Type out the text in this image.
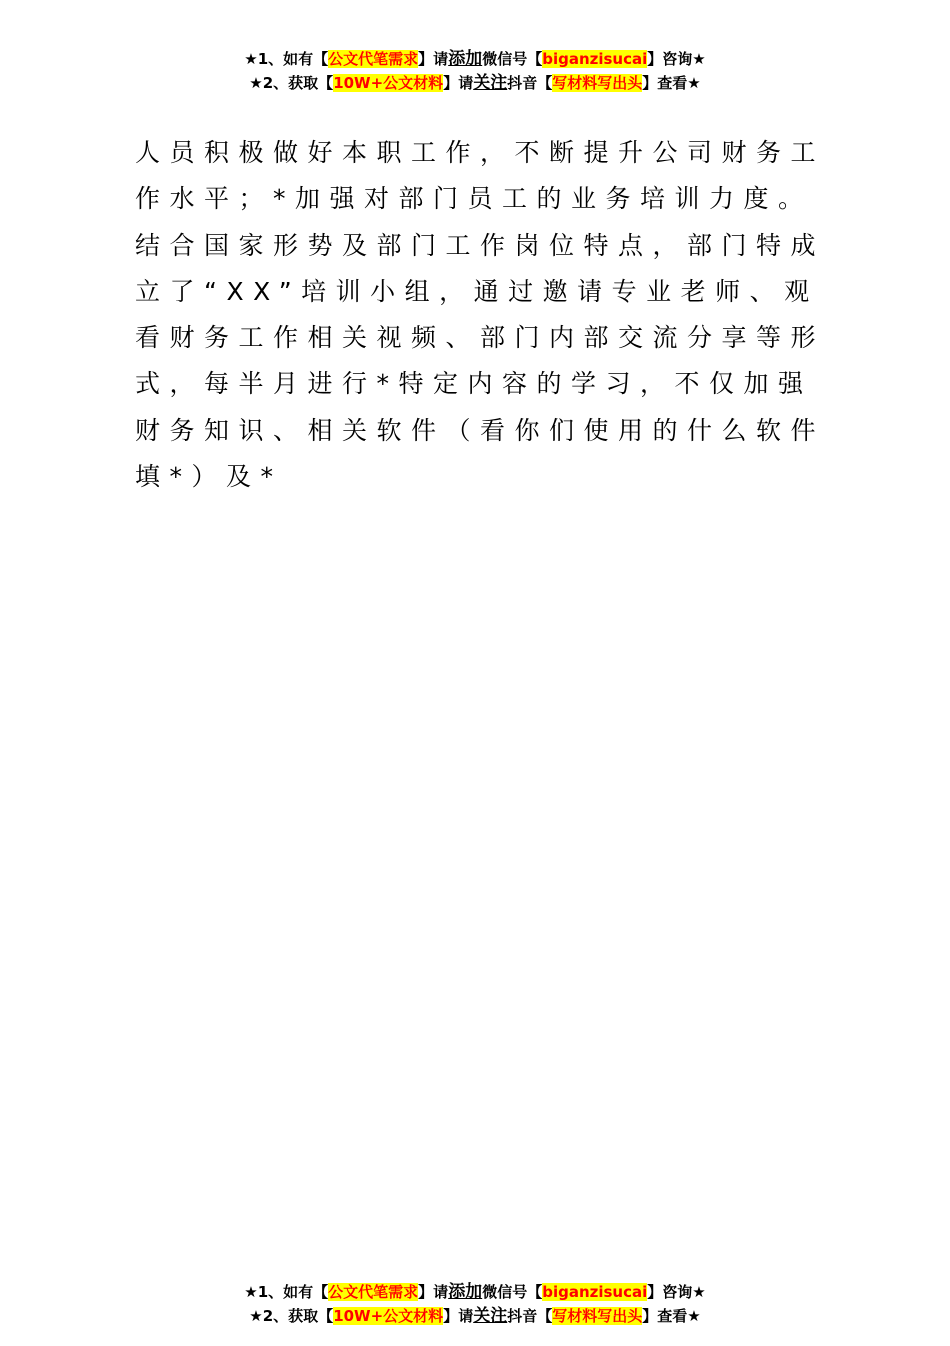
★1、如有【公文代笔需求】请添加微信号【biganzisucai】咨询★
★2、获取【10W+公文材料】请关注抖音【写材料写出头】查看★
人员积极做好本职工作，不断提升公司财务工
作水平；*加强对部门员工的业务培训力度。
结合国家形势及部门工作岗位特点，部门特成
立了“XX”培训小组，通过邀请专业老师、观
看财务工作相关视频、部门内部交流分享等形
式，每半月进行*特定内容的学习，不仅加强
财务知识、相关软件（看你们使用的什么软件
填*）及*
★1、如有【公文代笔需求】请添加微信号【biganzisucai】咨询★
★2、获取【10W+公文材料】请关注抖音【写材料写出头】查看★
